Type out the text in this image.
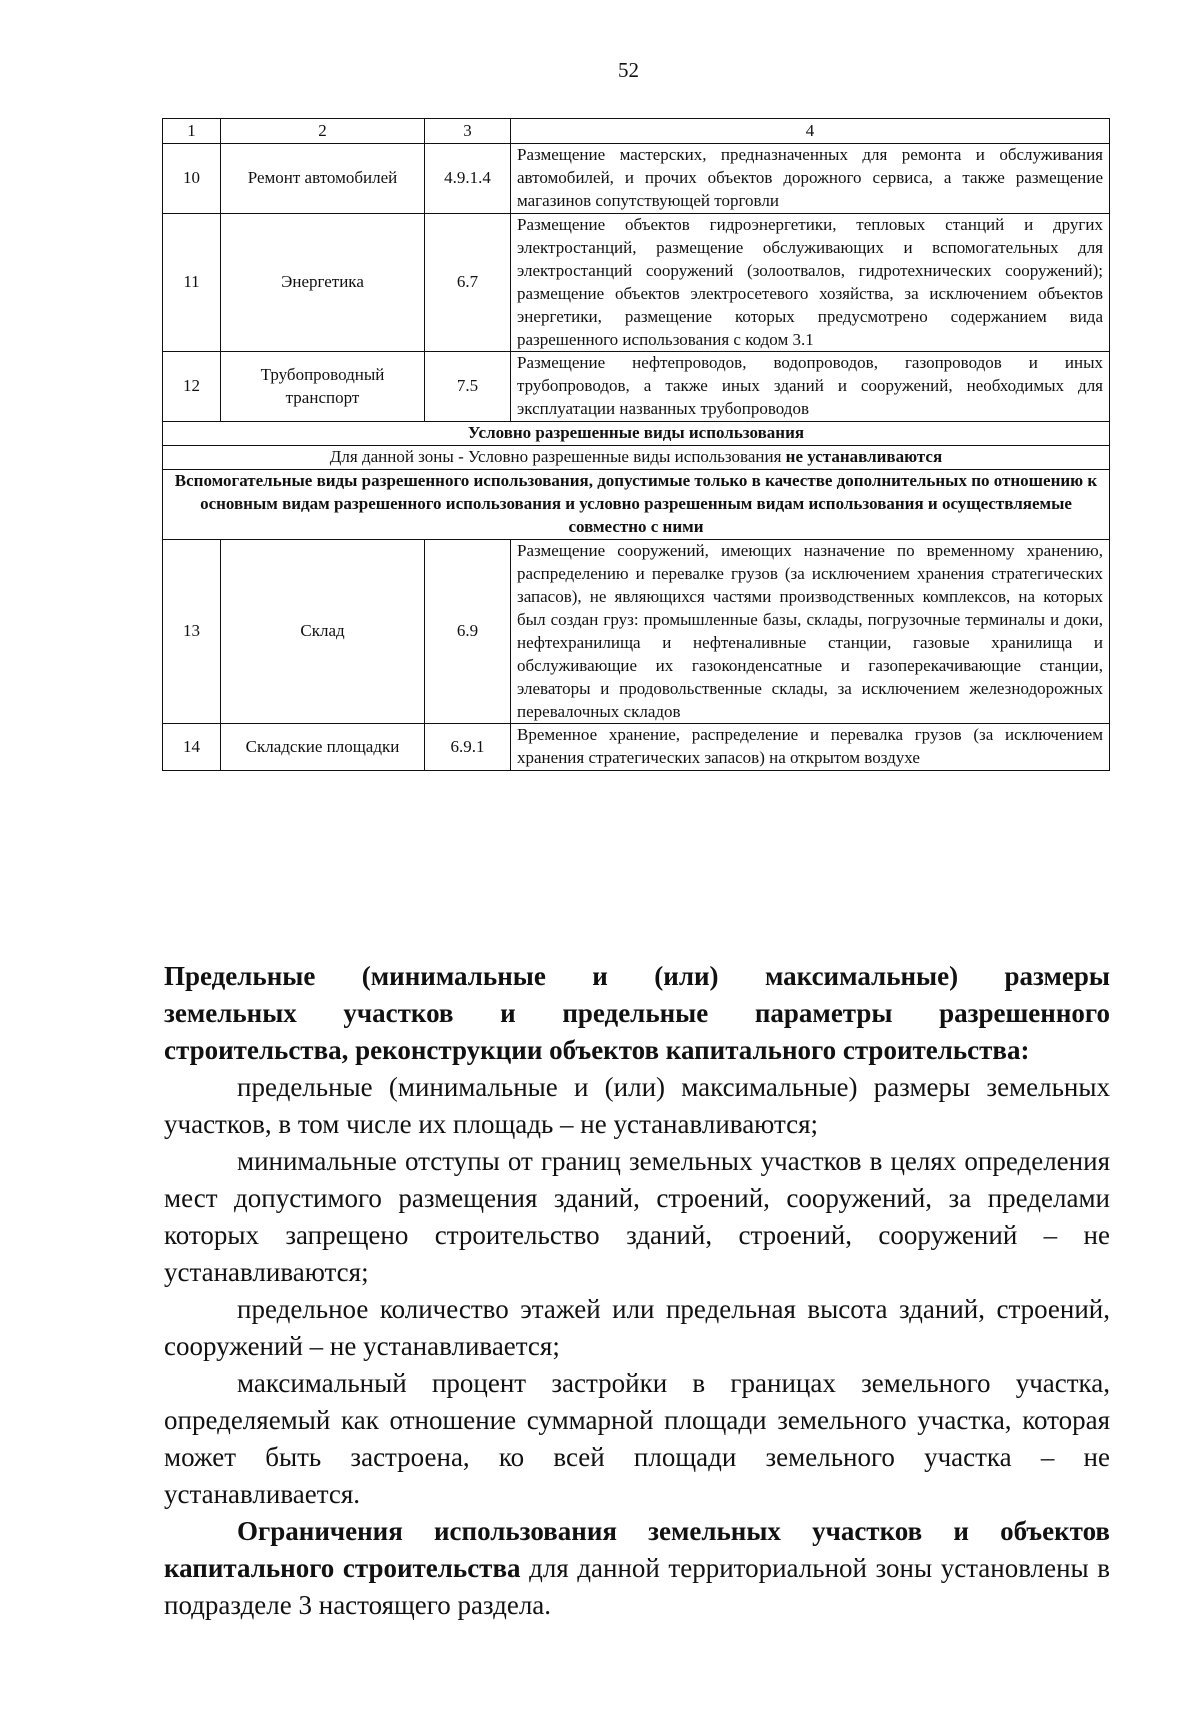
52
1	2	3	4
10	Ремонт автомобилей	4.9.1.4	Размещение мастерских, предназначенных для ремонта и обслуживания автомобилей, и прочих объектов дорожного сервиса, а также размещение магазинов сопутствующей торговли
11	Энергетика	6.7	Размещение объектов гидроэнергетики, тепловых станций и других электростанций, размещение обслуживающих и вспомогательных для электростанций сооружений (золоотвалов, гидротехнических сооружений); размещение объектов электросетевого хозяйства, за исключением объектов энергетики, размещение которых предусмотрено содержанием вида разрешенного использования с кодом 3.1
12	Трубопроводный транспорт	7.5	Размещение нефтепроводов, водопроводов, газопроводов и иных трубопроводов, а также иных зданий и сооружений, необходимых для эксплуатации названных трубопроводов
Условно разрешенные виды использования			
Для данной зоны - Условно разрешенные виды использования не устанавливаются			
Вспомогательные виды разрешенного использования, допустимые только в качестве дополнительных по отношению к основным видам разрешенного использования и условно разрешенным видам использования и осуществляемые совместно с ними			
13	Склад	6.9	Размещение сооружений, имеющих назначение по временному хранению, распределению и перевалке грузов (за исключением хранения стратегических запасов), не являющихся частями производственных комплексов, на которых был создан груз: промышленные базы, склады, погрузочные терминалы и доки, нефтехранилища и нефтеналивные станции, газовые хранилища и обслуживающие их газоконденсатные и газоперекачивающие станции, элеваторы и продовольственные склады, за исключением железнодорожных перевалочных складов
14	Складские площадки	6.9.1	Временное хранение, распределение и перевалка грузов (за исключением хранения стратегических запасов) на открытом воздухе

Предельные (минимальные и (или) максимальные) размеры

земельных участков и предельные параметры разрешенного

строительства, реконструкции объектов капитального строительства:

предельные (минимальные и (или) максимальные) размеры земельных участков, в том числе их площадь – не устанавливаются;

минимальные отступы от границ земельных участков в целях определения мест допустимого размещения зданий, строений, сооружений, за пределами которых запрещено строительство зданий, строений, сооружений – не устанавливаются;

предельное количество этажей или предельная высота зданий, строений, сооружений – не устанавливается;

максимальный процент застройки в границах земельного участка, определяемый как отношение суммарной площади земельного участка, которая может быть застроена, ко всей площади земельного участка – не устанавливается.

Ограничения использования земельных участков и объектов капитального строительства для данной территориальной зоны установлены в подразделе 3 настоящего раздела.
